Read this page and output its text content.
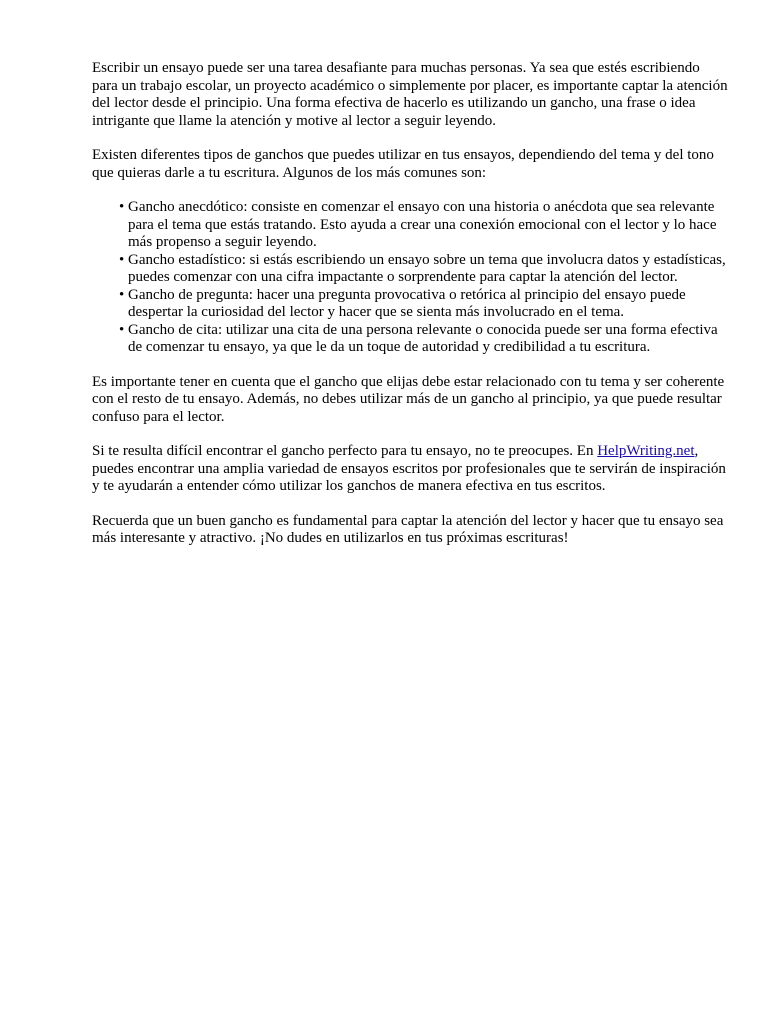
Escribir un ensayo puede ser una tarea desafiante para muchas personas. Ya sea que estés escribiendo para un trabajo escolar, un proyecto académico o simplemente por placer, es importante captar la atención del lector desde el principio. Una forma efectiva de hacerlo es utilizando un gancho, una frase o idea intrigante que llame la atención y motive al lector a seguir leyendo.

Existen diferentes tipos de ganchos que puedes utilizar en tus ensayos, dependiendo del tema y del tono que quieras darle a tu escritura. Algunos de los más comunes son:

• Gancho anecdótico: consiste en comenzar el ensayo con una historia o anécdota que sea relevante para el tema que estás tratando. Esto ayuda a crear una conexión emocional con el lector y lo hace más propenso a seguir leyendo.
• Gancho estadístico: si estás escribiendo un ensayo sobre un tema que involucra datos y estadísticas, puedes comenzar con una cifra impactante o sorprendente para captar la atención del lector.
• Gancho de pregunta: hacer una pregunta provocativa o retórica al principio del ensayo puede despertar la curiosidad del lector y hacer que se sienta más involucrado en el tema.
• Gancho de cita: utilizar una cita de una persona relevante o conocida puede ser una forma efectiva de comenzar tu ensayo, ya que le da un toque de autoridad y credibilidad a tu escritura.

Es importante tener en cuenta que el gancho que elijas debe estar relacionado con tu tema y ser coherente con el resto de tu ensayo. Además, no debes utilizar más de un gancho al principio, ya que puede resultar confuso para el lector.

Si te resulta difícil encontrar el gancho perfecto para tu ensayo, no te preocupes. En HelpWriting.net, puedes encontrar una amplia variedad de ensayos escritos por profesionales que te servirán de inspiración y te ayudarán a entender cómo utilizar los ganchos de manera efectiva en tus escritos.

Recuerda que un buen gancho es fundamental para captar la atención del lector y hacer que tu ensayo sea más interesante y atractivo. ¡No dudes en utilizarlos en tus próximas escrituras!
